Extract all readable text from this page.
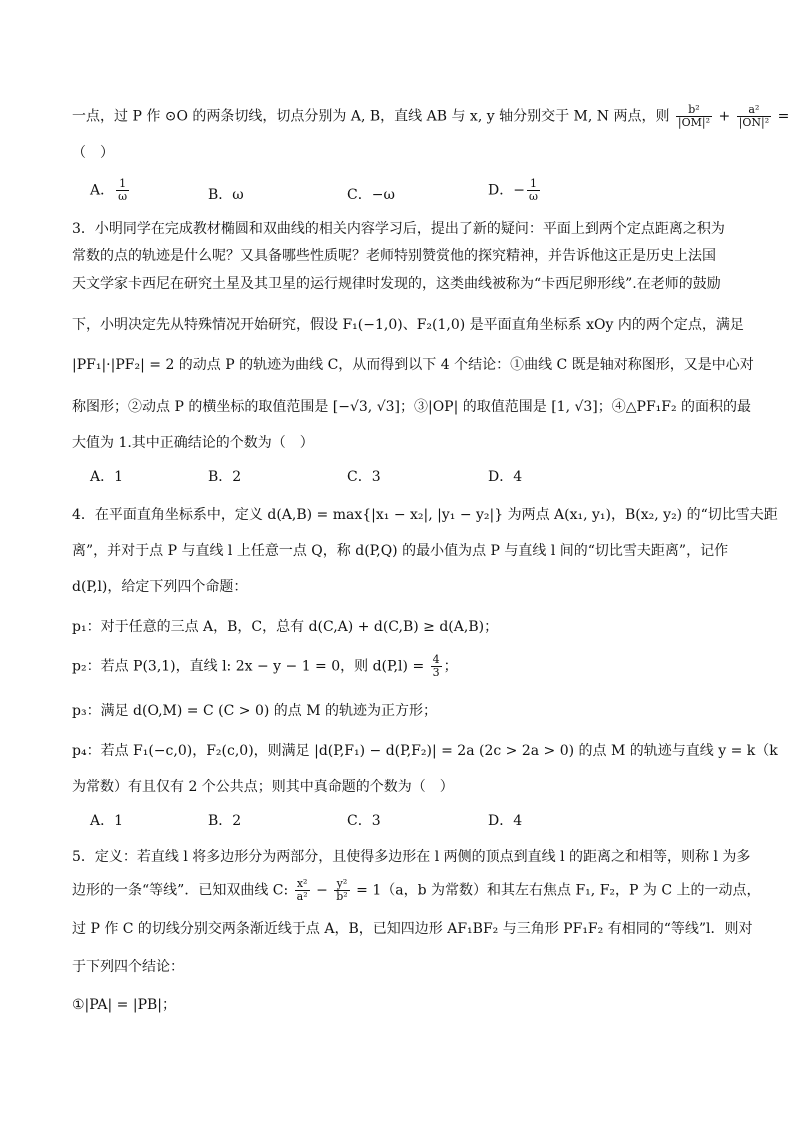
一点，过 P 作 ⊙O 的两条切线，切点分别为 A, B，直线 AB 与 x, y 轴分别交于 M, N 两点，则 $\frac{\text{b²}}{\text{|OM|²}} + \frac{\text{a²}}{\text{|ON|²}}$ =
（　）
A． $\frac{1}{\omega}$	B．ω	C．−ω	D．− $\frac{1}{\omega}$
3．小明同学在完成教材椭圆和双曲线的相关内容学习后，提出了新的疑问：平面上到两个定点距离之积为
常数的点的轨迹是什么呢？又具备哪些性质呢？老师特别赞赏他的探究精神，并告诉他这正是历史上法国
天文学家卡西尼在研究土星及其卫星的运行规律时发现的，这类曲线被称为“卡西尼卵形线”.在老师的鼓励
下，小明决定先从特殊情况开始研究，假设 F₁(−1,0)、F₂(1,0) 是平面直角坐标系 xOy 内的两个定点，满足
|PF₁|·|PF₂| = 2 的动点 P 的轨迹为曲线 C，从而得到以下 4 个结论：①曲线 C 既是轴对称图形，又是中心对
称图形；②动点 P 的横坐标的取值范围是 [−√3, √3]；③|OP| 的取值范围是 [1, √3]；④△PF₁F₂ 的面积的最
大值为 1.其中正确结论的个数为（　）
A．1	B．2	C．3	D．4
4．在平面直角坐标系中，定义 d(A,B) = max{|x₁ − x₂|, |y₁ − y₂|} 为两点 A(x₁, y₁)，B(x₂, y₂) 的“切比雪夫距
离”，并对于点 P 与直线 l 上任意一点 Q，称 d(P,Q) 的最小值为点 P 与直线 l 间的“切比雪夫距离”，记作
d(P,l)，给定下列四个命题：
p₁：对于任意的三点 A，B，C，总有 d(C,A) + d(C,B) ≥ d(A,B)；
p₂：若点 P(3,1)，直线 l: 2x − y − 1 = 0，则 $d(P,l) = \frac{4}{3}$ ；
p₃：满足 d(O,M) = C (C > 0) 的点 M 的轨迹为正方形；
p₄：若点 F₁(−c,0)，F₂(c,0)，则满足 |d(P,F₁) − d(P,F₂)| = 2a (2c > 2a > 0) 的点 M 的轨迹与直线 y = k（k
为常数）有且仅有 2 个公共点；则其中真命题的个数为（　）
A．1	B．2	C．3	D．4
5．定义：若直线 l 将多边形分为两部分，且使得多边形在 l 两侧的顶点到直线 l 的距离之和相等，则称 l 为多
边形的一条“等线”．已知双曲线 C: $\frac{\text{x²}}{\text{a²}} - \frac{\text{y²}}{\text{b²}} = 1(a$，b 为常数）和其左右焦点 F₁, F₂，P 为 C 上的一动点，
过 P 作 C 的切线分别交两条渐近线于点 A，B，已知四边形 AF₁BF₂ 与三角形 PF₁F₂ 有相同的“等线”l．则对
于下列四个结论：
①|PA| = |PB|；
